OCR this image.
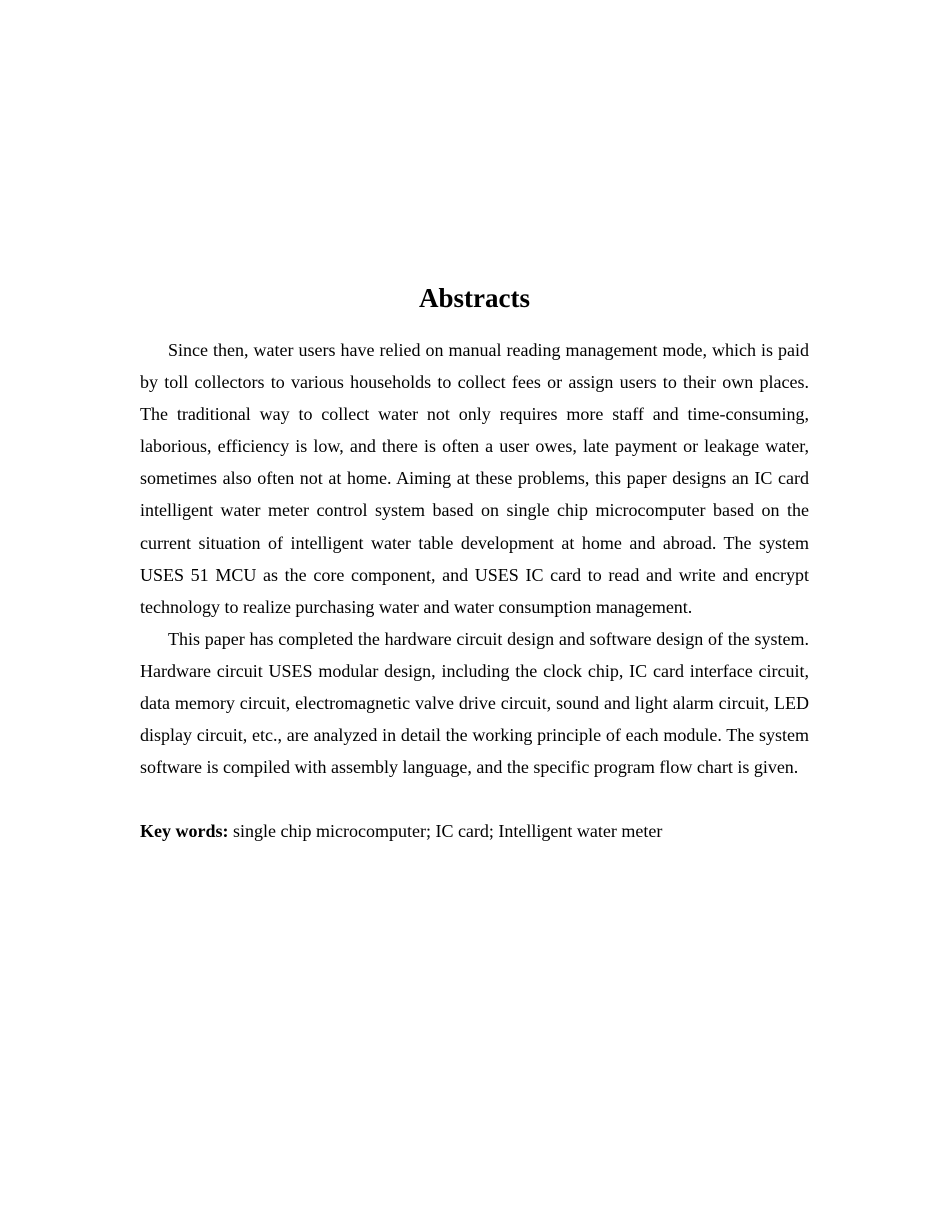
Abstracts

Since then, water users have relied on manual reading management mode, which is paid by toll collectors to various households to collect fees or assign users to their own places. The traditional way to collect water not only requires more staff and time-consuming, laborious, efficiency is low, and there is often a user owes, late payment or leakage water, sometimes also often not at home. Aiming at these problems, this paper designs an IC card intelligent water meter control system based on single chip microcomputer based on the current situation of intelligent water table development at home and abroad. The system USES 51 MCU as the core component, and USES IC card to read and write and encrypt technology to realize purchasing water and water consumption management.

This paper has completed the hardware circuit design and software design of the system. Hardware circuit USES modular design, including the clock chip, IC card interface circuit, data memory circuit, electromagnetic valve drive circuit, sound and light alarm circuit, LED display circuit, etc., are analyzed in detail the working principle of each module. The system software is compiled with assembly language, and the specific program flow chart is given.

Key words: single chip microcomputer; IC card; Intelligent water meter
